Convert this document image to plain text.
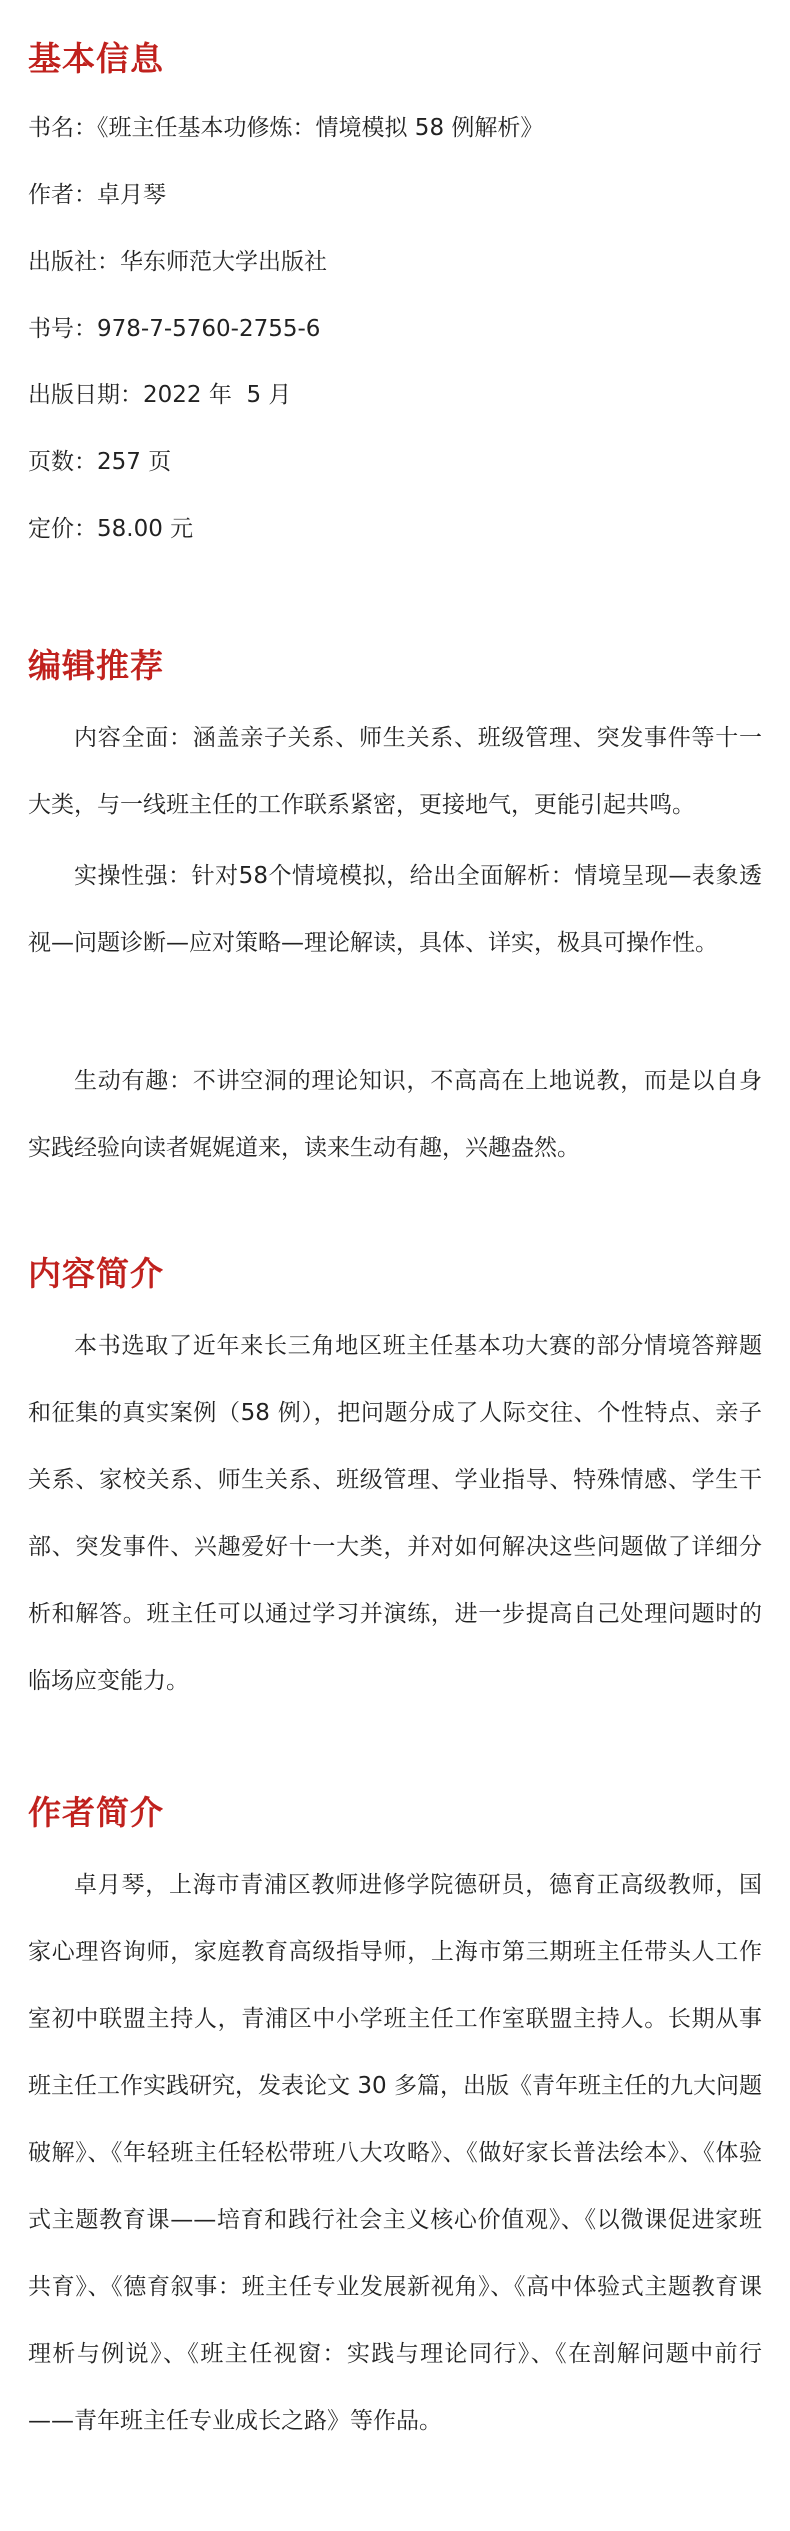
基本信息

书名：《班主任基本功修炼：情境模拟 58 例解析》

作者：卓月琴

出版社：华东师范大学出版社

书号：978-7-5760-2755-6

出版日期：2022 年  5 月

页数：257 页

定价：58.00 元

编辑推荐

内容全面：涵盖亲子关系、师生关系、班级管理、突发事件等十一大类，与一线班主任的工作联系紧密，更接地气，更能引起共鸣。

实操性强：针对58个情境模拟，给出全面解析：情境呈现—表象透视—问题诊断—应对策略—理论解读，具体、详实，极具可操作性。

生动有趣：不讲空洞的理论知识，不高高在上地说教，而是以自身实践经验向读者娓娓道来，读来生动有趣，兴趣盎然。

内容简介

本书选取了近年来长三角地区班主任基本功大赛的部分情境答辩题和征集的真实案例（58 例），把问题分成了人际交往、个性特点、亲子关系、家校关系、师生关系、班级管理、学业指导、特殊情感、学生干部、突发事件、兴趣爱好十一大类，并对如何解决这些问题做了详细分析和解答。班主任可以通过学习并演练，进一步提高自己处理问题时的临场应变能力。

作者简介

卓月琴，上海市青浦区教师进修学院德研员，德育正高级教师，国家心理咨询师，家庭教育高级指导师，上海市第三期班主任带头人工作室初中联盟主持人，青浦区中小学班主任工作室联盟主持人。长期从事班主任工作实践研究，发表论文 30 多篇，出版《青年班主任的九大问题破解》、《年轻班主任轻松带班八大攻略》、《做好家长普法绘本》、《体验式主题教育课——培育和践行社会主义核心价值观》、《以微课促进家班共育》、《德育叙事：班主任专业发展新视角》、《高中体验式主题教育课理析与例说》、《班主任视窗：实践与理论同行》、《在剖解问题中前行——青年班主任专业成长之路》等作品。
